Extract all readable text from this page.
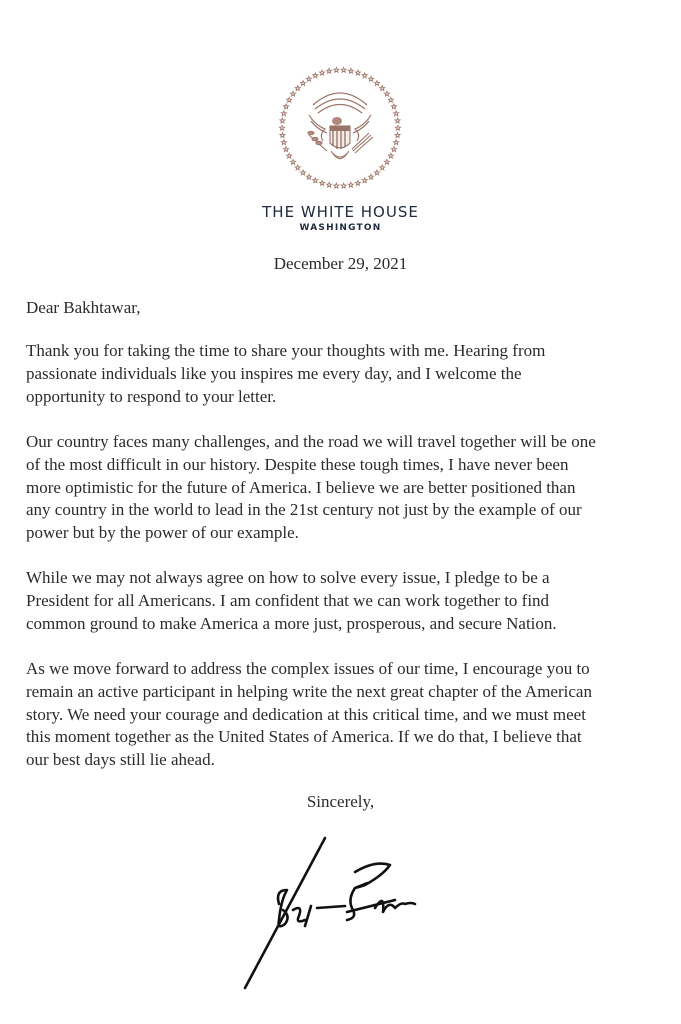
THE WHITE HOUSE
WASHINGTON
December 29, 2021
Dear Bakhtawar,
Thank you for taking the time to share your thoughts with me. Hearing from
passionate individuals like you inspires me every day, and I welcome the
opportunity to respond to your letter.
Our country faces many challenges, and the road we will travel together will be one
of the most difficult in our history. Despite these tough times, I have never been
more optimistic for the future of America. I believe we are better positioned than
any country in the world to lead in the 21st century not just by the example of our
power but by the power of our example.
While we may not always agree on how to solve every issue, I pledge to be a
President for all Americans. I am confident that we can work together to find
common ground to make America a more just, prosperous, and secure Nation.
As we move forward to address the complex issues of our time, I encourage you to
remain an active participant in helping write the next great chapter of the American
story. We need your courage and dedication at this critical time, and we must meet
this moment together as the United States of America. If we do that, I believe that
our best days still lie ahead.
Sincerely,
